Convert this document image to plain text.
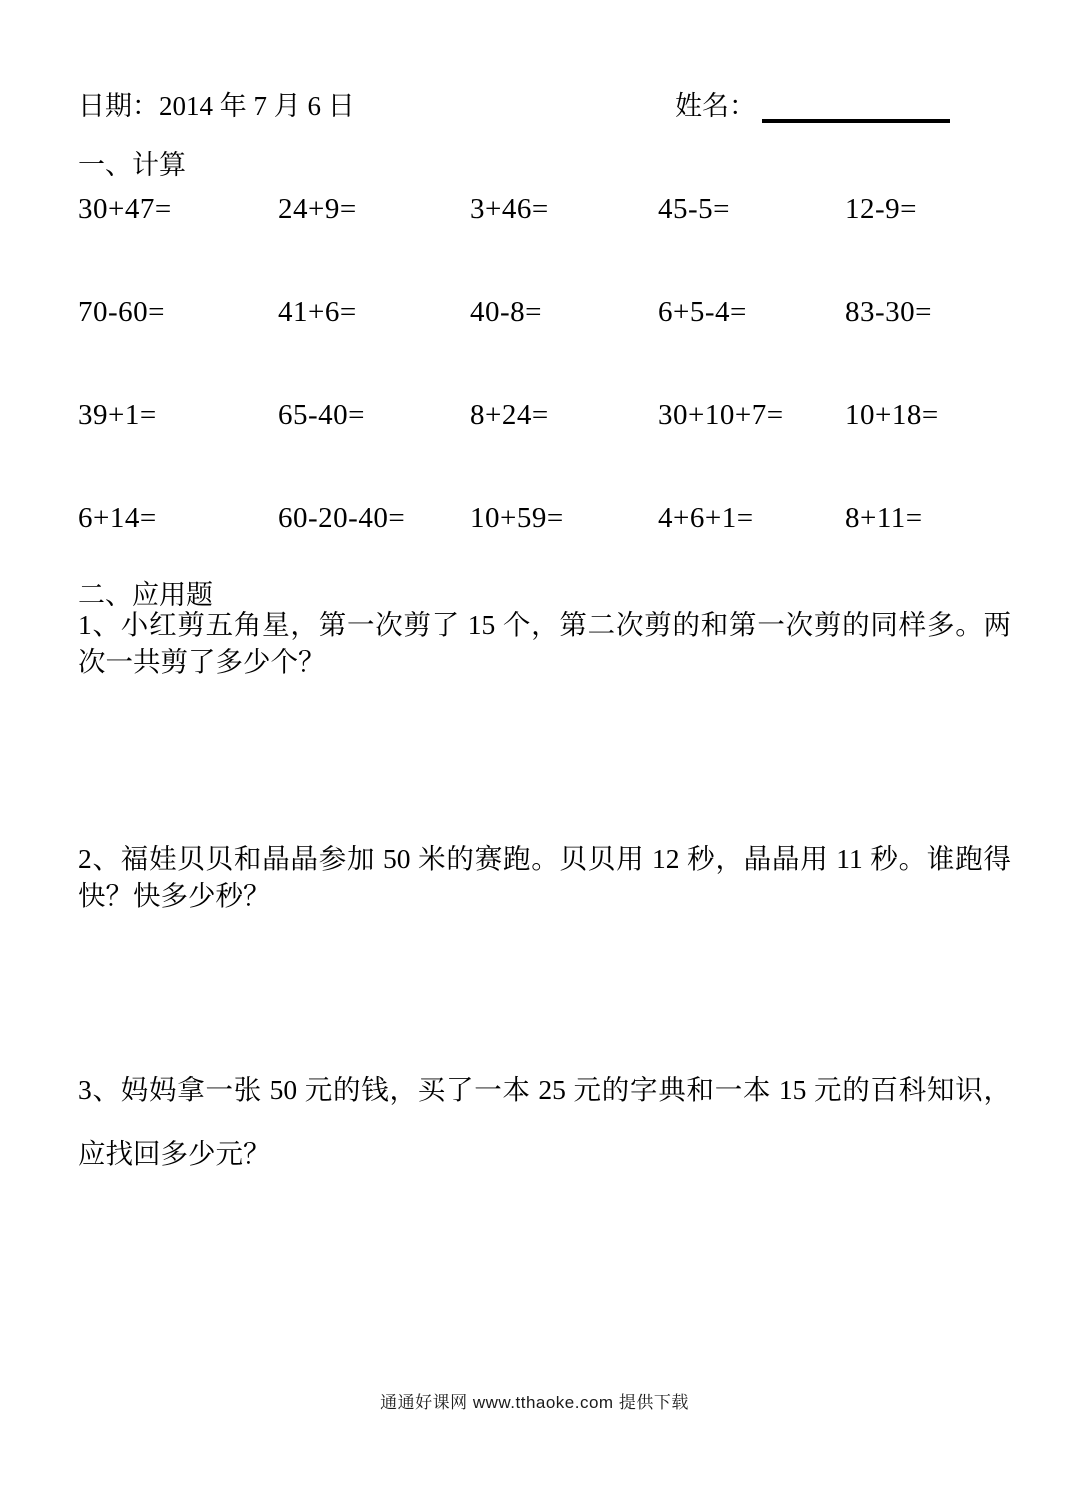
日期：2014 年 7 月 6 日	姓名：
一、计算
30+47=	24+9=	3+46=	45-5=	12-9=
70-60=	41+6=	40-8=	6+5-4=	83-30=
39+1=	65-40=	8+24=	30+10+7=	10+18=
6+14=	60-20-40=	10+59=	4+6+1=	8+11=
二、应用题
1、小红剪五角星，第一次剪了 15 个，第二次剪的和第一次剪的同样多。两次一共剪了多少个？
2、福娃贝贝和晶晶参加 50 米的赛跑。贝贝用 12 秒，晶晶用 11 秒。谁跑得快？快多少秒？
3、妈妈拿一张 50 元的钱，买了一本 25 元的字典和一本 15 元的百科知识，应找回多少元？
通通好课网 www.tthaoke.com 提供下载
